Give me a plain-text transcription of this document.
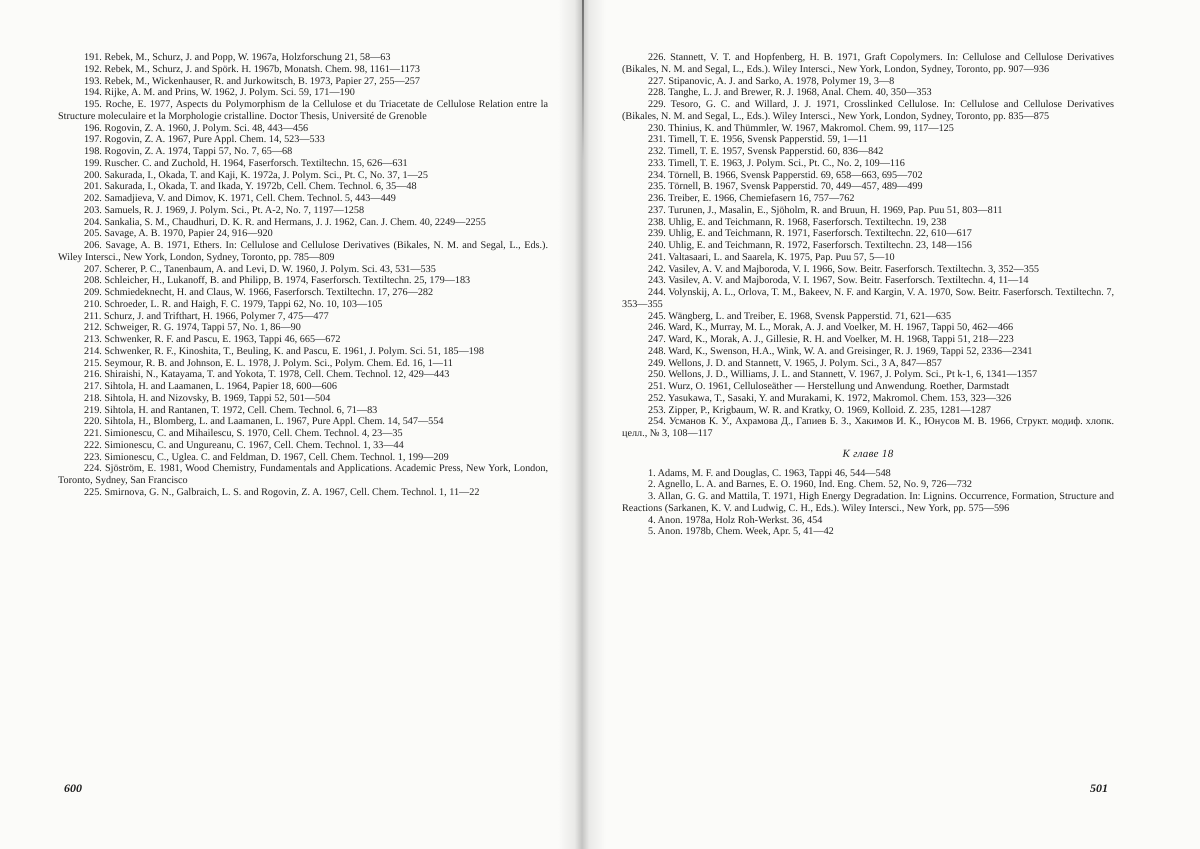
191. Rebek, M., Schurz, J. and Popp, W. 1967a, Holzforschung 21, 58—63

192. Rebek, M., Schurz, J. and Spörk. H. 1967b, Monatsh. Chem. 98, 1161—1173

193. Rebek, M., Wickenhauser, R. and Jurkowitsch, B. 1973, Papier 27, 255—257

194. Rijke, A. M. and Prins, W. 1962, J. Polym. Sci. 59, 171—190

195. Roche, E. 1977, Aspects du Polymorphism de la Cellulose et du Triacetate de Cellulose Relation entre la Structure moleculaire et la Morphologie cristalline. Doctor Thesis, Université de Grenoble

196. Rogovin, Z. A. 1960, J. Polym. Sci. 48, 443—456

197. Rogovin, Z. A. 1967, Pure Appl. Chem. 14, 523—533

198. Rogovin, Z. A. 1974, Tappi 57, No. 7, 65—68

199. Ruscher. C. and Zuchold, H. 1964, Faserforsch. Textiltechn. 15, 626—631

200. Sakurada, I., Okada, T. and Kaji, K. 1972a, J. Polym. Sci., Pt. C, No. 37, 1—25

201. Sakurada, I., Okada, T. and Ikada, Y. 1972b, Cell. Chem. Technol. 6, 35—48

202. Samadjieva, V. and Dimov, K. 1971, Cell. Chem. Technol. 5, 443—449

203. Samuels, R. J. 1969, J. Polym. Sci., Pt. A-2, No. 7, 1197—1258

204. Sankalia, S. M., Chaudhuri, D. K. R. and Hermans, J. J. 1962, Can. J. Chem. 40, 2249—2255

205. Savage, A. B. 1970, Papier 24, 916—920

206. Savage, A. B. 1971, Ethers. In: Cellulose and Cellulose Derivatives (Bikales, N. M. and Segal, L., Eds.). Wiley Intersci., New York, London, Sydney, Toronto, pp. 785—809

207. Scherer, P. C., Tanenbaum, A. and Levi, D. W. 1960, J. Polym. Sci. 43, 531—535

208. Schleicher, H., Lukanoff, B. and Philipp, B. 1974, Faserforsch. Textiltechn. 25, 179—183

209. Schmiedeknecht, H. and Claus, W. 1966, Faserforsch. Textiltechn. 17, 276—282

210. Schroeder, L. R. and Haigh, F. C. 1979, Tappi 62, No. 10, 103—105

211. Schurz, J. and Trifthart, H. 1966, Polymer 7, 475—477

212. Schweiger, R. G. 1974, Tappi 57, No. 1, 86—90

213. Schwenker, R. F. and Pascu, E. 1963, Tappi 46, 665—672

214. Schwenker, R. F., Kinoshita, T., Beuling, K. and Pascu, E. 1961, J. Polym. Sci. 51, 185—198

215. Seymour, R. B. and Johnson, E. L. 1978, J. Polym. Sci., Polym. Chem. Ed. 16, 1—11

216. Shiraishi, N., Katayama, T. and Yokota, T. 1978, Cell. Chem. Technol. 12, 429—443

217. Sihtola, H. and Laamanen, L. 1964, Papier 18, 600—606

218. Sihtola, H. and Nizovsky, B. 1969, Tappi 52, 501—504

219. Sihtola, H. and Rantanen, T. 1972, Cell. Chem. Technol. 6, 71—83

220. Sihtola, H., Blomberg, L. and Laamanen, L. 1967, Pure Appl. Chem. 14, 547—554

221. Simionescu, C. and Mihailescu, S. 1970, Cell. Chem. Technol. 4, 23—35

222. Simionescu, C. and Ungureanu, C. 1967, Cell. Chem. Technol. 1, 33—44

223. Simionescu, C., Uglea. C. and Feldman, D. 1967, Cell. Chem. Technol. 1, 199—209

224. Sjöström, E. 1981, Wood Chemistry, Fundamentals and Applications. Academic Press, New York, London, Toronto, Sydney, San Francisco

225. Smirnova, G. N., Galbraich, L. S. and Rogovin, Z. A. 1967, Cell. Chem. Technol. 1, 11—22

600

226. Stannett, V. T. and Hopfenberg, H. B. 1971, Graft Copolymers. In: Cellulose and Cellulose Derivatives (Bikales, N. M. and Segal, L., Eds.). Wiley Intersci., New York, London, Sydney, Toronto, pp. 907—936

227. Stipanovic, A. J. and Sarko, A. 1978, Polymer 19, 3—8

228. Tanghe, L. J. and Brewer, R. J. 1968, Anal. Chem. 40, 350—353

229. Tesoro, G. C. and Willard, J. J. 1971, Crosslinked Cellulose. In: Cellulose and Cellulose Derivatives (Bikales, N. M. and Segal, L., Eds.). Wiley Intersci., New York, London, Sydney, Toronto, pp. 835—875

230. Thinius, K. and Thümmler, W. 1967, Makromol. Chem. 99, 117—125

231. Timell, T. E. 1956, Svensk Papperstid. 59, 1—11

232. Timell, T. E. 1957, Svensk Papperstid. 60, 836—842

233. Timell, T. E. 1963, J. Polym. Sci., Pt. C., No. 2, 109—116

234. Törnell, B. 1966, Svensk Papperstid. 69, 658—663, 695—702

235. Törnell, B. 1967, Svensk Papperstid. 70, 449—457, 489—499

236. Treiber, E. 1966, Chemiefasern 16, 757—762

237. Turunen, J., Masalin, E., Sjöholm, R. and Bruun, H. 1969, Pap. Puu 51, 803—811

238. Uhlig, E. and Teichmann, R. 1968, Faserforsch. Textiltechn. 19, 238

239. Uhlig, E. and Teichmann, R. 1971, Faserforsch. Textiltechn. 22, 610—617

240. Uhlig, E. and Teichmann, R. 1972, Faserforsch. Textiltechn. 23, 148—156

241. Valtasaari, L. and Saarela, K. 1975, Pap. Puu 57, 5—10

242. Vasilev, A. V. and Majboroda, V. I. 1966, Sow. Beitr. Faserforsch. Textiltechn. 3, 352—355

243. Vasilev, A. V. and Majboroda, V. I. 1967, Sow. Beitr. Faserforsch. Textiltechn. 4, 11—14

244. Volynskij, A. L., Orlova, T. M., Bakeev, N. F. and Kargin, V. A. 1970, Sow. Beitr. Faserforsch. Textiltechn. 7, 353—355

245. Wängberg, L. and Treiber, E. 1968, Svensk Papperstid. 71, 621—635

246. Ward, K., Murray, M. L., Morak, A. J. and Voelker, M. H. 1967, Tappi 50, 462—466

247. Ward, K., Morak, A. J., Gillesie, R. H. and Voelker, M. H. 1968, Tappi 51, 218—223

248. Ward, K., Swenson, H.A., Wink, W. A. and Greisinger, R. J. 1969, Tappi 52, 2336—2341

249. Wellons, J. D. and Stannett, V. 1965, J. Polym. Sci., 3 A, 847—857

250. Wellons, J. D., Williams, J. L. and Stannett, V. 1967, J. Polym. Sci., Pt k-1, 6, 1341—1357

251. Wurz, O. 1961, Celluloseäther — Herstellung und Anwendung. Roether, Darmstadt

252. Yasukawa, T., Sasaki, Y. and Murakami, K. 1972, Makromol. Chem. 153, 323—326

253. Zipper, P., Krigbaum, W. R. and Kratky, O. 1969, Kolloid. Z. 235, 1281—1287

254. Усманов К. У., Ахрамова Д., Гапиев Б. З., Хакимов И. К., Юнусов М. В. 1966, Структ. модиф. хлопк. целл., № 3, 108—117

К главе 18

1. Adams, M. F. and Douglas, C. 1963, Tappi 46, 544—548

2. Agnello, L. A. and Barnes, E. O. 1960, Ind. Eng. Chem. 52, No. 9, 726—732

3. Allan, G. G. and Mattila, T. 1971, High Energy Degradation. In: Lignins. Occurrence, Formation, Structure and Reactions (Sarkanen, K. V. and Ludwig, C. H., Eds.). Wiley Intersci., New York, pp. 575—596

4. Anon. 1978a, Holz Roh-Werkst. 36, 454

5. Anon. 1978b, Chem. Week, Apr. 5, 41—42

501
